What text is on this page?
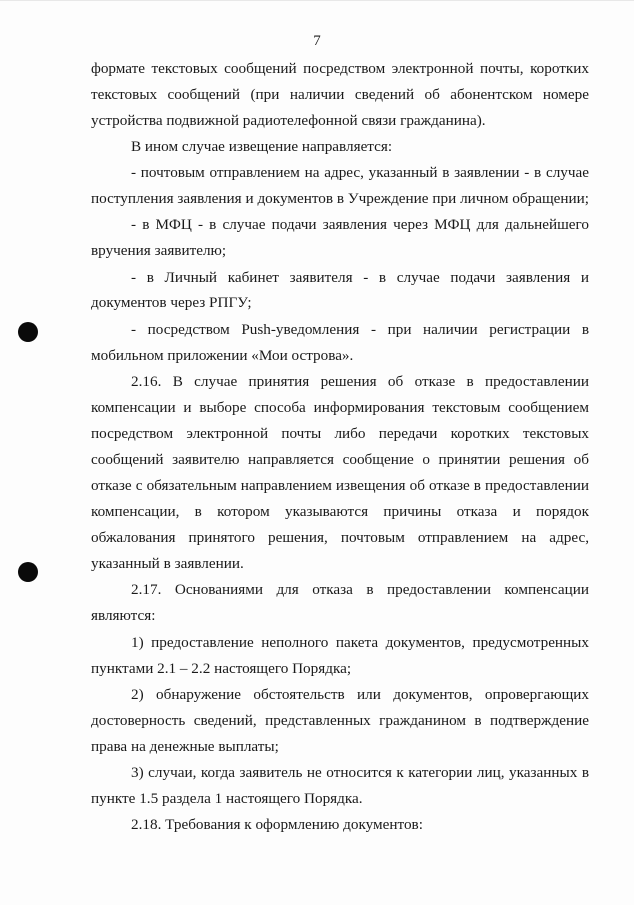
7
формате текстовых сообщений посредством электронной почты, коротких
текстовых сообщений (при наличии сведений об абонентском номере
устройства подвижной радиотелефонной связи гражданина).
В ином случае извещение направляется:
- почтовым отправлением на адрес, указанный в заявлении - в случае
поступления заявления и документов в Учреждение при личном обращении;
- в МФЦ - в случае подачи заявления через МФЦ для дальнейшего
вручения заявителю;
- в Личный кабинет заявителя - в случае подачи заявления и
документов через РПГУ;
- посредством Push-уведомления - при наличии регистрации в
мобильном приложении «Мои острова».
2.16. В случае принятия решения об отказе в предоставлении
компенсации и выборе способа информирования текстовым сообщением
посредством электронной почты либо передачи коротких текстовых
сообщений заявителю направляется сообщение о принятии решения об
отказе с обязательным направлением извещения об отказе в предоставлении
компенсации, в котором указываются причины отказа и порядок
обжалования принятого решения, почтовым отправлением на адрес,
указанный в заявлении.
2.17. Основаниями для отказа в предоставлении компенсации
являются:
1) предоставление неполного пакета документов, предусмотренных
пунктами 2.1 – 2.2 настоящего Порядка;
2) обнаружение обстоятельств или документов, опровергающих
достоверность сведений, представленных гражданином в подтверждение
права на денежные выплаты;
3) случаи, когда заявитель не относится к категории лиц, указанных в
пункте 1.5 раздела 1 настоящего Порядка.
2.18. Требования к оформлению документов:
